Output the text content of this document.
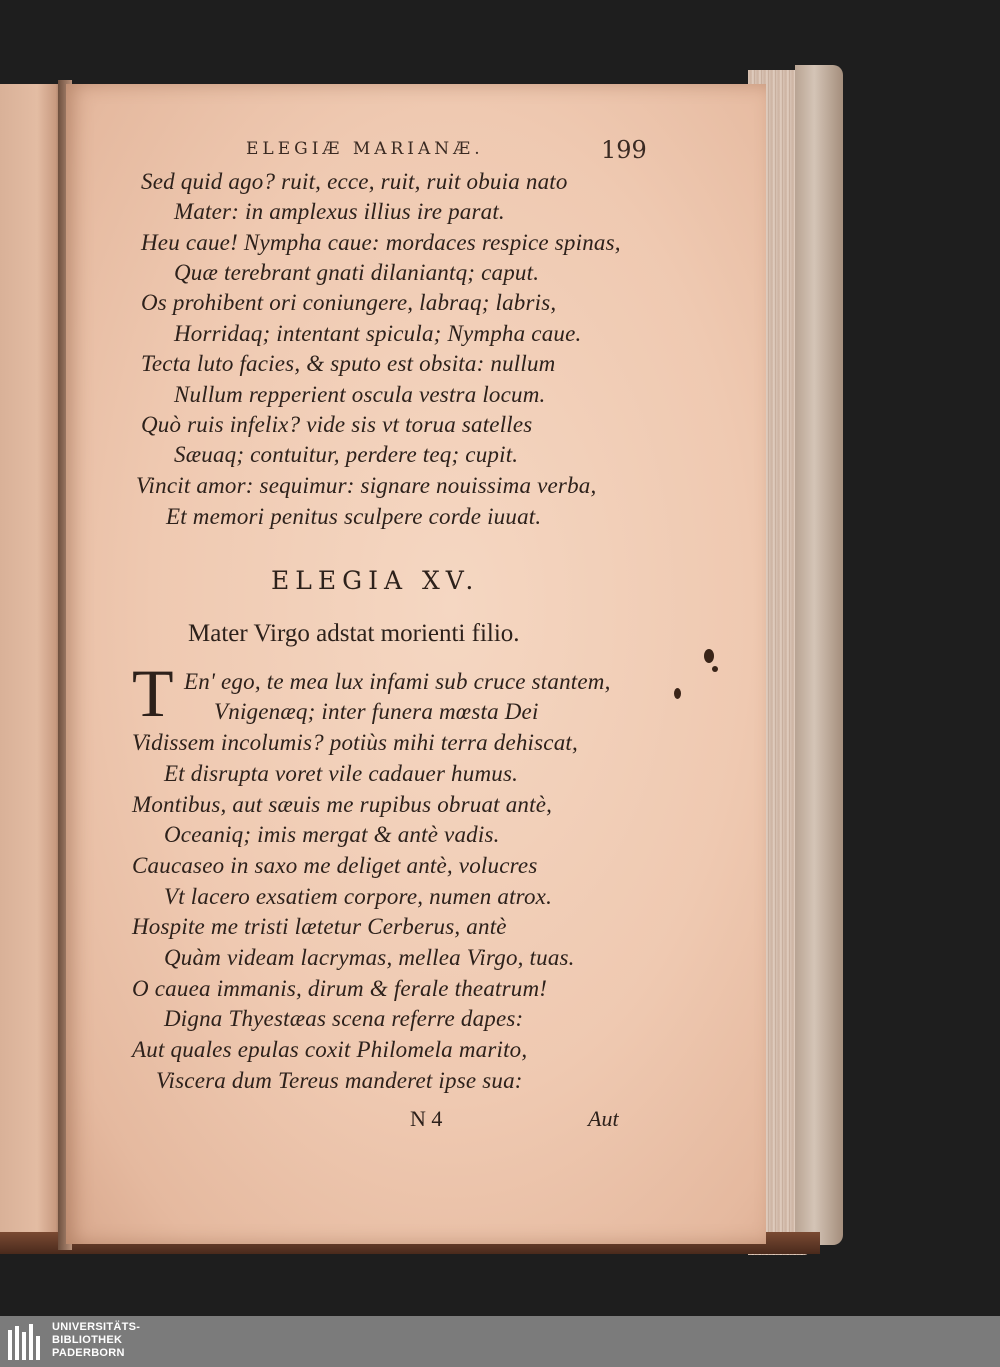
ELEGIÆ MARIANÆ.	199
Sed quid ago? ruit, ecce, ruit, ruit obuia nato
Mater: in amplexus illius ire parat.
Heu caue! Nympha caue: mordaces respice spinas,
Quæ terebrant gnati dilaniantq; caput.
Os prohibent ori coniungere, labraq; labris,
Horridaq; intentant spicula; Nympha caue.
Tecta luto facies, & sputo est obsita: nullum
Nullum repperient oscula vestra locum.
Quò ruis infelix? vide sis vt torua satelles
Sæuaq; contuitur, perdere teq; cupit.
Vincit amor: sequimur: signare nouissima verba,
Et memori penitus sculpere corde iuuat.
ELEGIA XV.
Mater Virgo adstat morienti filio.
T En' ego, te mea lux infami sub cruce stantem,
Vnigenæq; inter funera mœsta Dei
Vidissem incolumis? potiùs mihi terra dehiscat,
Et disrupta voret vile cadauer humus.
Montibus, aut sæuis me rupibus obruat antè,
Oceaniq; imis mergat & antè vadis.
Caucaseo in saxo me deliget antè, volucres
Vt lacero exsatiem corpore, numen atrox.
Hospite me tristi lætetur Cerberus, antè
Quàm videam lacrymas, mellea Virgo, tuas.
O cauea immanis, dirum & ferale theatrum!
Digna Thyestæas scena referre dapes:
Aut quales epulas coxit Philomela marito,
Viscera dum Tereus manderet ipse sua:
N 4	Aut
UNIVERSITÄTS-
BIBLIOTHEK
PADERBORN
